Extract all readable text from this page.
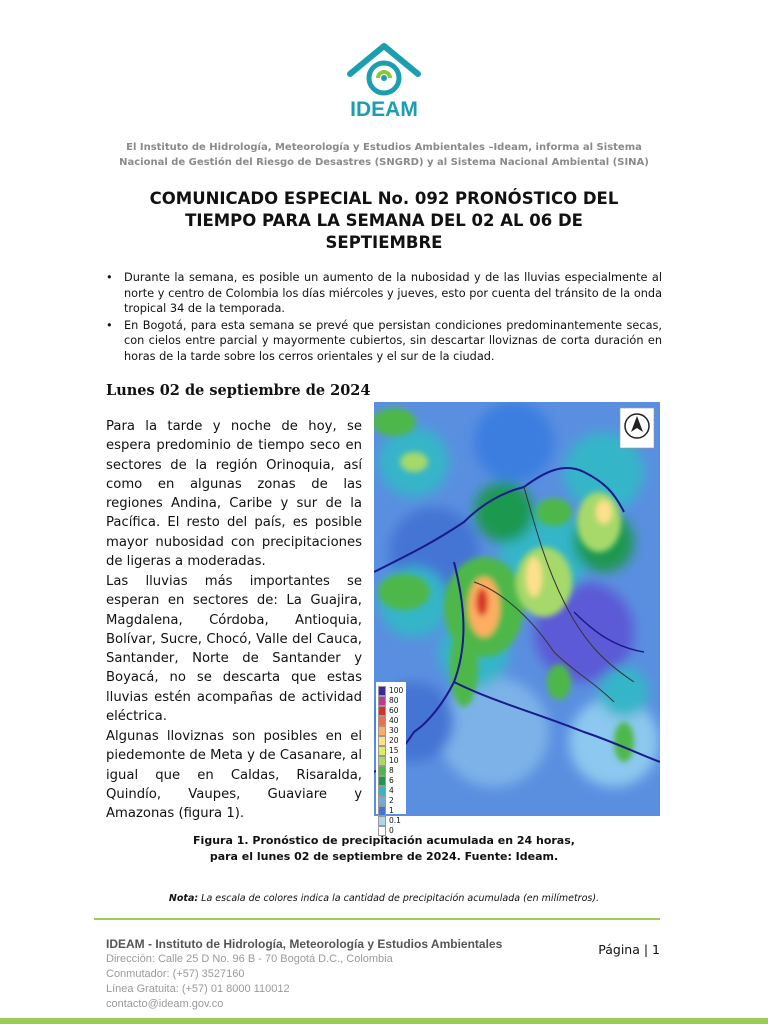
IDEAM
El Instituto de Hidrología, Meteorología y Estudios Ambientales –Ideam, informa al Sistema
Nacional de Gestión del Riesgo de Desastres (SNGRD) y al Sistema Nacional Ambiental (SINA)
COMUNICADO ESPECIAL No. 092 PRONÓSTICO DEL
TIEMPO PARA LA SEMANA DEL 02 AL 06 DE
SEPTIEMBRE
• Durante la semana, es posible un aumento de la nubosidad y de las lluvias especialmente al norte y centro de Colombia los días miércoles y jueves, esto por cuenta del tránsito de la onda tropical 34 de la temporada.
• En Bogotá, para esta semana se prevé que persistan condiciones predominantemente secas, con cielos entre parcial y mayormente cubiertos, sin descartar lloviznas de corta duración en horas de la tarde sobre los cerros orientales y el sur de la ciudad.
Lunes 02 de septiembre de 2024

Para la tarde y noche de hoy, se espera predominio de tiempo seco en sectores de la región Orinoquia, así como en algunas zonas de las regiones Andina, Caribe y sur de la Pacífica. El resto del país, es posible mayor nubosidad con precipitaciones de ligeras a moderadas.

Las lluvias más importantes se esperan en sectores de: La Guajira, Magdalena, Córdoba, Antioquia, Bolívar, Sucre, Chocó, Valle del Cauca, Santander, Norte de Santander y Boyacá, no se descarta que estas lluvias estén acompañas de actividad eléctrica.

Algunas lloviznas son posibles en el piedemonte de Meta y de Casanare, al igual que en Caldas, Risaralda, Quindío, Vaupes, Guaviare y Amazonas (figura 1).

100
80
60
40
30
20
15
10
8
6
4
2
1
0.1
0
Figura 1. Pronóstico de precipitación acumulada en 24 horas,
para el lunes 02 de septiembre de 2024. Fuente: Ideam.
Nota: La escala de colores indica la cantidad de precipitación acumulada (en milímetros).
IDEAM - Instituto de Hidrología, Meteorología y Estudios Ambientales
Dirección: Calle 25 D No. 96 B - 70 Bogotá D.C., Colombia
Conmutador: (+57) 3527160
Línea Gratuita: (+57) 01 8000 110012
contacto@ideam.gov.co
Página | 1
